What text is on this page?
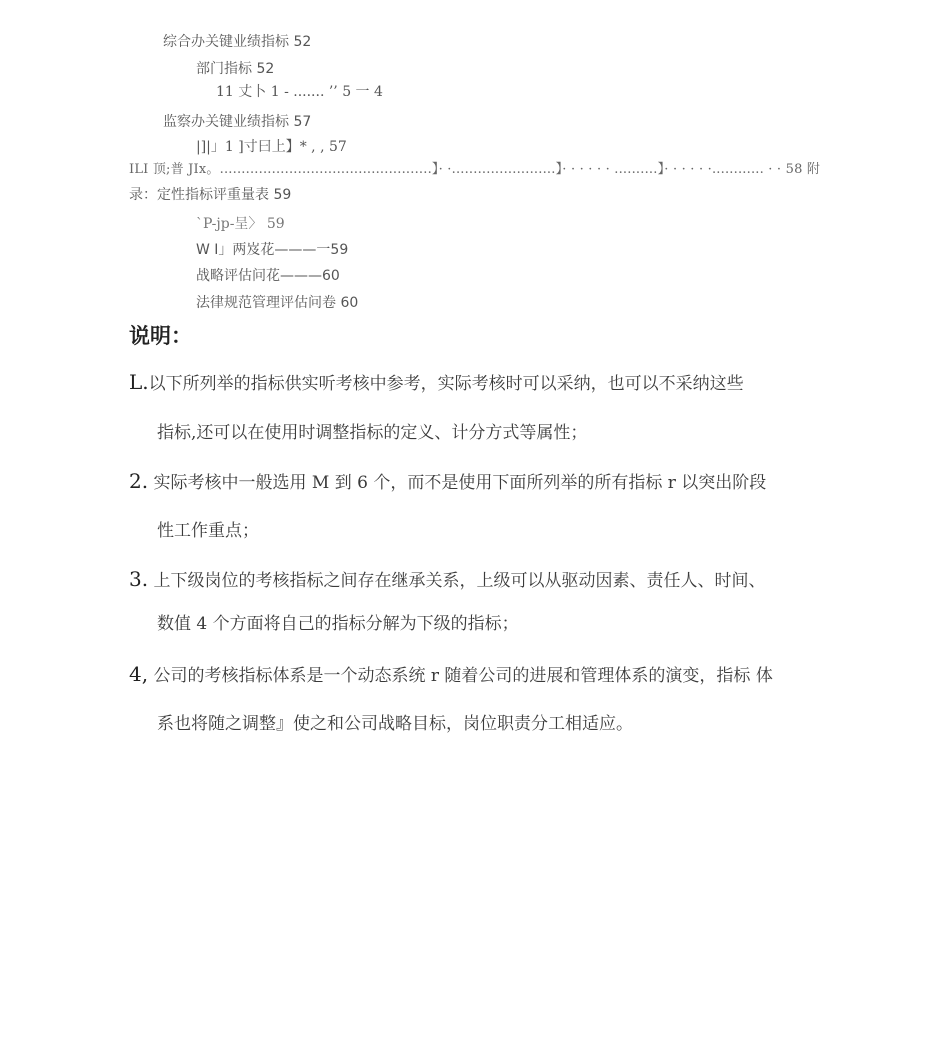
综合办关键业绩指标 52
部门指标 52
11 丈卜 1 - ....... ’’ 5 一 4
监察办关键业绩指标 57
|]|」1 ]寸曰上】* , , 57
ILI 顶;普 JIx。.................................................】· ·........................】· · · · · · ..........】· · · · · ·............ · · 58 附
录：定性指标评重量表 59
`P-jp-呈〉 59
W I」两岌花———一59
战略评估问花———60
法律规范管理评估问卷 60
说明：
L.以下所列举的指标供实听考核中参考，实际考核时可以采纳，也可以不采纳这些
指标,还可以在使用时调整指标的定义、计分方式等属性；
2. 实际考核中一般选用 M 到 6 个，而不是使用下面所列举的所有指标 r 以突出阶段
性工作重点；
3. 上下级岗位的考核指标之间存在继承关系，上级可以从驱动因素、责任人、时间、
数值 4 个方面将自己的指标分解为下级的指标；
4, 公司的考核指标体系是一个动态系统 r 随着公司的进展和管理体系的演变，指标 体
系也将随之调整』使之和公司战略目标，岗位职责分工相适应。
